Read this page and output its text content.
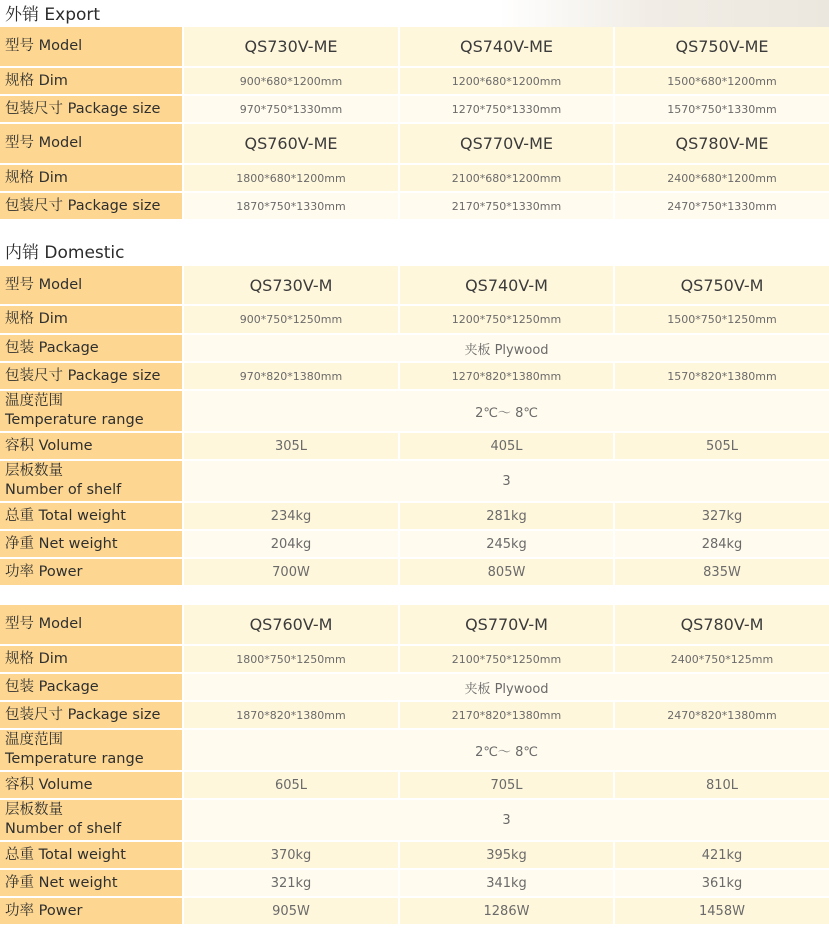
外销 Export
型号 Model	QS730V-ME	QS740V-ME	QS750V-ME
规格 Dim	900*680*1200mm	1200*680*1200mm	1500*680*1200mm
包装尺寸 Package size	970*750*1330mm	1270*750*1330mm	1570*750*1330mm
型号 Model	QS760V-ME	QS770V-ME	QS780V-ME
规格 Dim	1800*680*1200mm	2100*680*1200mm	2400*680*1200mm
包装尺寸 Package size	1870*750*1330mm	2170*750*1330mm	2470*750*1330mm
内销 Domestic
型号 Model	QS730V-M	QS740V-M	QS750V-M
规格 Dim	900*750*1250mm	1200*750*1250mm	1500*750*1250mm
包装 Package	夹板 Plywood		
包装尺寸 Package size	970*820*1380mm	1270*820*1380mm	1570*820*1380mm

温度范围
Temperature range	2℃～ 8℃		
容积 Volume	305L	405L	505L

层板数量
Number of shelf	3		
总重 Total weight	234kg	281kg	327kg
净重 Net weight	204kg	245kg	284kg
功率 Power	700W	805W	835W
型号 Model	QS760V-M	QS770V-M	QS780V-M
规格 Dim	1800*750*1250mm	2100*750*1250mm	2400*750*125mm
包装 Package	夹板 Plywood		
包装尺寸 Package size	1870*820*1380mm	2170*820*1380mm	2470*820*1380mm

温度范围
Temperature range	2℃～ 8℃		
容积 Volume	605L	705L	810L

层板数量
Number of shelf	3		
总重 Total weight	370kg	395kg	421kg
净重 Net weight	321kg	341kg	361kg
功率 Power	905W	1286W	1458W
